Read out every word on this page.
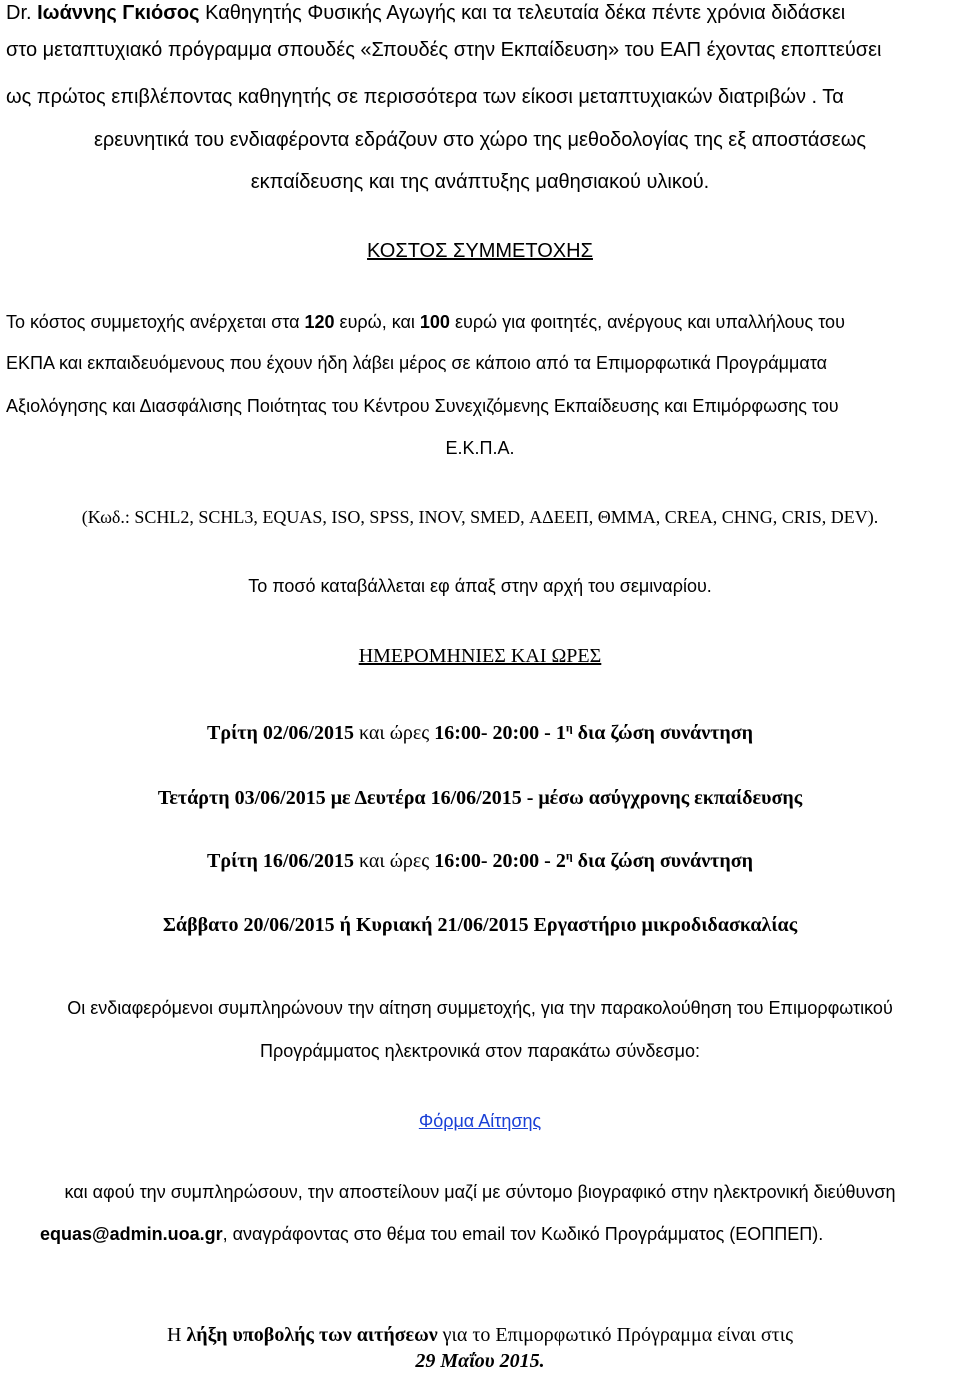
Dr. Ιωάννης Γκιόσος Καθηγητής Φυσικής Αγωγής και τα τελευταία δέκα πέντε χρόνια διδάσκει
στο μεταπτυχιακό πρόγραμμα σπουδές «Σπουδές στην Εκπαίδευση» του ΕΑΠ έχοντας εποπτεύσει
ως πρώτος επιβλέποντας καθηγητής σε περισσότερα των είκοσι μεταπτυχιακών διατριβών . Τα
ερευνητικά του ενδιαφέροντα εδράζουν στο χώρο της μεθοδολογίας της εξ αποστάσεως
εκπαίδευσης και της ανάπτυξης μαθησιακού υλικού.
ΚΟΣΤΟΣ ΣΥΜΜΕΤΟΧΗΣ
Το κόστος συμμετοχής ανέρχεται στα 120 ευρώ, και 100 ευρώ για φοιτητές, ανέργους και υπαλλήλους του
ΕΚΠΑ και εκπαιδευόμενους που έχουν ήδη λάβει μέρος σε κάποιο από τα Επιμορφωτικά Προγράμματα
Αξιολόγησης και Διασφάλισης Ποιότητας του Κέντρου Συνεχιζόμενης Εκπαίδευσης και Επιμόρφωσης του
Ε.Κ.Π.Α.
(Κωδ.: SCHL2, SCHL3, EQUAS, ISO, SPSS, INOV, SMED, ΑΔΕΕΠ, ΘΜΜΑ, CREA, CHNG, CRIS, DEV).
Το ποσό καταβάλλεται εφ άπαξ στην αρχή του σεμιναρίου.
ΗΜΕΡΟΜΗΝΙΕΣ ΚΑΙ ΩΡΕΣ
Τρίτη 02/06/2015 και ώρες 16:00- 20:00 - $1^\eta$ δια ζώση συνάντηση
Τετάρτη 03/06/2015 με Δευτέρα 16/06/2015 - μέσω ασύγχρονης εκπαίδευσης
Τρίτη 16/06/2015 και ώρες 16:00- 20:00 - $2^\eta$ δια ζώση συνάντηση
Σάββατο 20/06/2015 ή Κυριακή 21/06/2015 Εργαστήριο μικροδιδασκαλίας
Οι ενδιαφερόμενοι συμπληρώνουν την αίτηση συμμετοχής, για την παρακολούθηση του Επιμορφωτικού
Προγράμματος ηλεκτρονικά στον παρακάτω σύνδεσμο:
Φόρμα Αίτησης
και αφού την συμπληρώσουν, την αποστείλουν μαζί με σύντομο βιογραφικό στην ηλεκτρονική διεύθυνση
equas@admin.uoa.gr, αναγράφοντας στο θέμα του email τον Κωδικό Προγράμματος (ΕΟΠΠΕΠ).
Η λήξη υποβολής των αιτήσεων για το Επιμορφωτικό Πρόγραμμα είναι στις
29 Μαΐου 2015.
